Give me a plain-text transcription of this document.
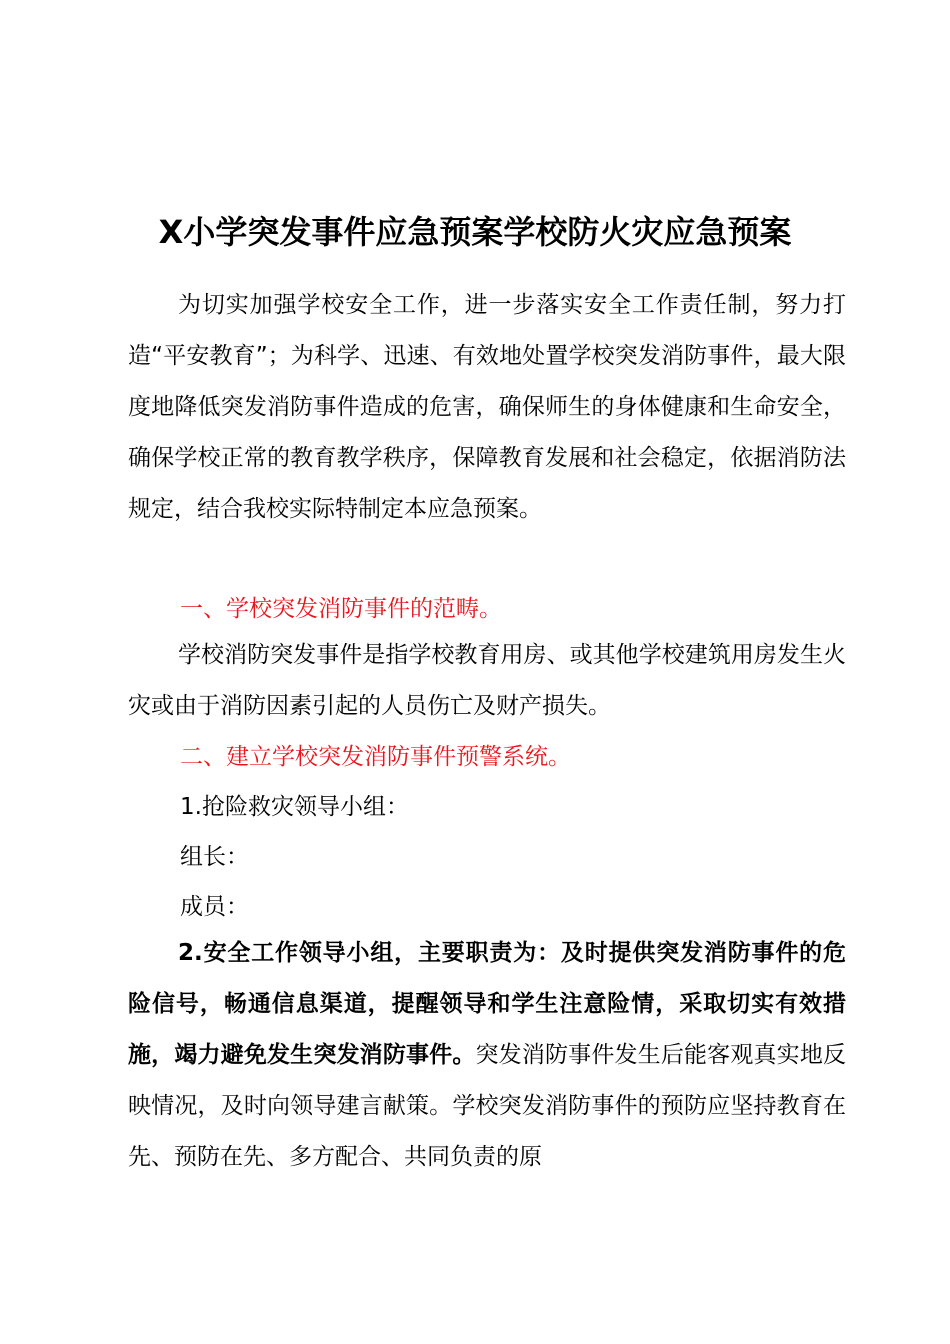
X小学突发事件应急预案学校防火灾应急预案

为切实加强学校安全工作，进一步落实安全工作责任制，努力打造“平安教育”；为科学、迅速、有效地处置学校突发消防事件，最大限度地降低突发消防事件造成的危害，确保师生的身体健康和生命安全，确保学校正常的教育教学秩序，保障教育发展和社会稳定，依据消防法规定，结合我校实际特制定本应急预案。

一、学校突发消防事件的范畴。

学校消防突发事件是指学校教育用房、或其他学校建筑用房发生火灾或由于消防因素引起的人员伤亡及财产损失。

二、建立学校突发消防事件预警系统。

1.抢险救灾领导小组：

组长：

成员：

2.安全工作领导小组，主要职责为：及时提供突发消防事件的危险信号，畅通信息渠道，提醒领导和学生注意险情，采取切实有效措施，竭力避免发生突发消防事件。突发消防事件发生后能客观真实地反映情况，及时向领导建言献策。学校突发消防事件的预防应坚持教育在先、预防在先、多方配合、共同负责的原
